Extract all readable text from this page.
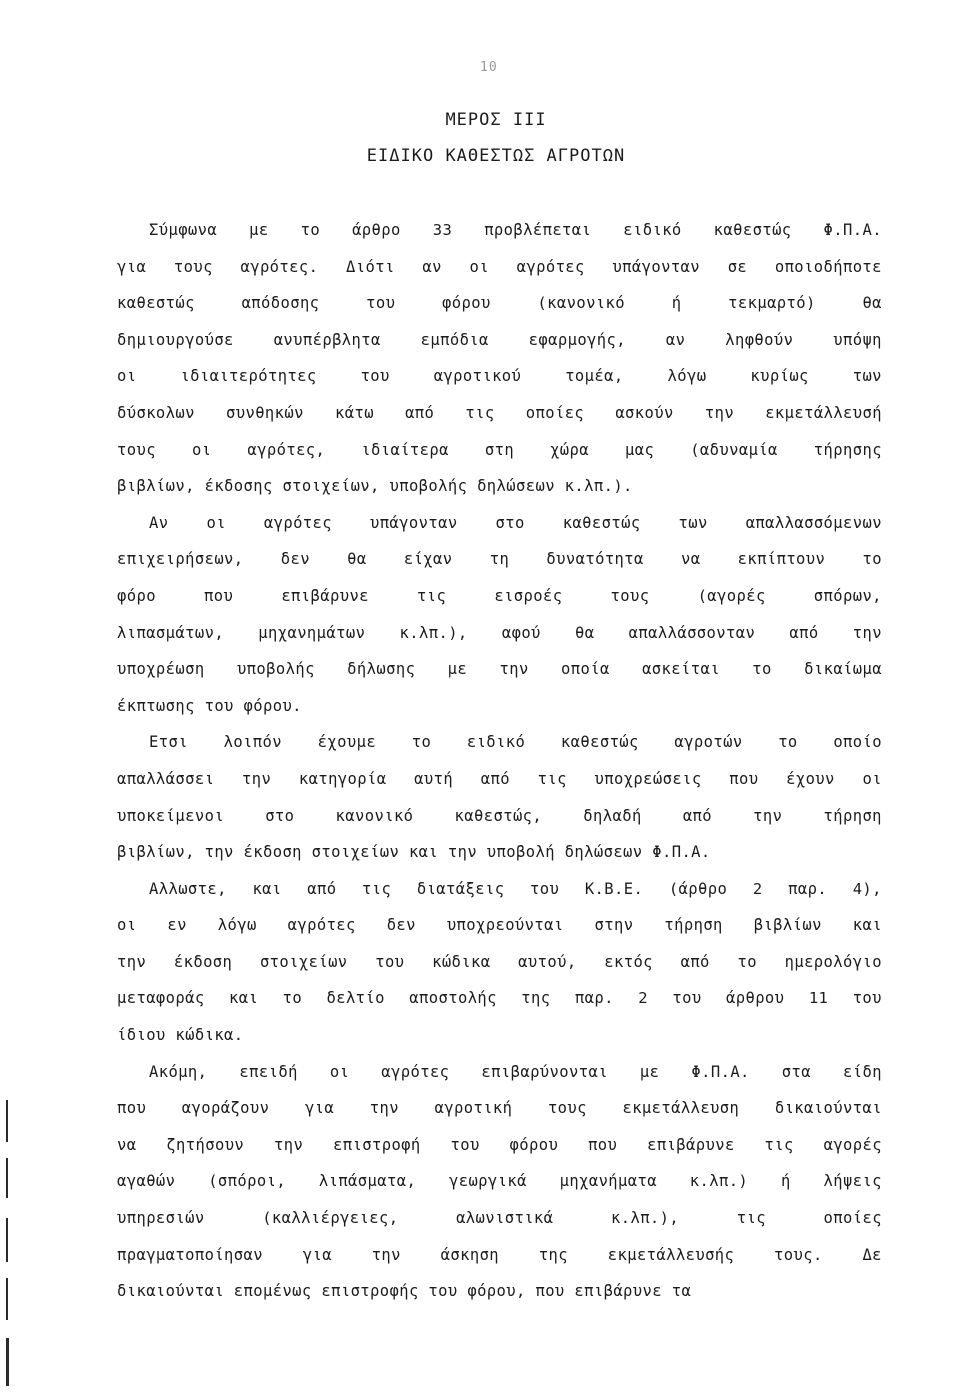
10
ΜΕΡΟΣ III
ΕΙΔΙΚΟ ΚΑΘΕΣΤΩΣ ΑΓΡΟΤΩΝ
Σύμφωνα με το άρθρο 33 προβλέπεται ειδικό καθεστώς Φ.Π.Α.
για τους αγρότες. Διότι αν οι αγρότες υπάγονταν σε οποιοδήποτε
καθεστώς	απόδοσης	του	φόρου	(κανονικό	ή	τεκμαρτό)	θα
δημιουργούσε	ανυπέρβλητα	εμπόδια	εφαρμογής,	αν	ληφθούν	υπόψη
οι	ιδιαιτερότητες	του	αγροτικού	τομέα,	λόγω	κυρίως	των
δύσκολων συνθηκών κάτω από τις οποίες ασκούν την εκμετάλλευσή
τους οι αγρότες, ιδιαίτερα στη χώρα μας (αδυναμία τήρησης
βιβλίων, έκδοσης στοιχείων, υποβολής δηλώσεων κ.λπ.).
Αν οι αγρότες υπάγονταν στο καθεστώς των απαλλασσόμενων
επιχειρήσεων, δεν θα είχαν τη δυνατότητα να εκπίπτουν το
φόρο	που	επιβάρυνε	τις	εισροές	τους	(αγορές	σπόρων,
λιπασμάτων, μηχανημάτων κ.λπ.), αφού θα απαλλάσσονταν από την
υποχρέωση υποβολής δήλωσης με την οποία ασκείται το δικαίωμα
έκπτωσης του φόρου.
Ετσι λοιπόν έχουμε το ειδικό καθεστώς αγροτών το οποίο
απαλλάσσει την κατηγορία αυτή από τις υποχρεώσεις που έχουν οι
υποκείμενοι	στο	κανονικό	καθεστώς,	δηλαδή	από	την	τήρηση
βιβλίων, την έκδοση στοιχείων και την υποβολή δηλώσεων Φ.Π.Α.
Αλλωστε, και από τις διατάξεις του Κ.Β.Ε. (άρθρο 2 παρ. 4),
οι εν λόγω αγρότες δεν υποχρεούνται στην τήρηση βιβλίων και
την έκδοση στοιχείων του κώδικα αυτού, εκτός από το ημερολόγιο
μεταφοράς και το δελτίο αποστολής της παρ. 2 του άρθρου 11 του
ίδιου κώδικα.
Ακόμη, επειδή οι αγρότες επιβαρύνονται με Φ.Π.Α. στα είδη
που αγοράζουν για την αγροτική τους εκμετάλλευση δικαιούνται
να ζητήσουν την επιστροφή του φόρου που επιβάρυνε τις αγορές
αγαθών (σπόροι, λιπάσματα, γεωργικά μηχανήματα κ.λπ.) ή λήψεις
υπηρεσιών	(καλλιέργειες,	αλωνιστικά	κ.λπ.),	τις	οποίες
πραγματοποίησαν	για	την	άσκηση	της	εκμετάλλευσής	τους.	Δε
δικαιούνται επομένως επιστροφής του φόρου, που επιβάρυνε τα
